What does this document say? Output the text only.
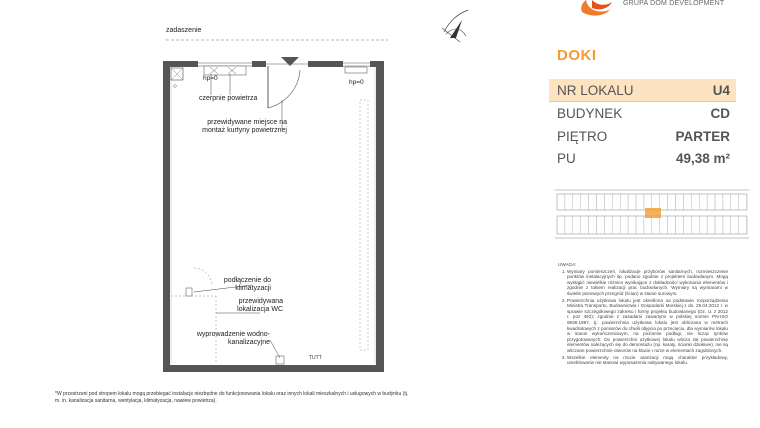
zadaszenie
hp=0
hp=0
czerpnie powietrza
przewidywane miejsce na montaż kurtyny powietrznej
podłączenie do klimatyzacji
przewidywana lokalizacja WC
wyprowadzenie wodno-kanalizacyjne
TUTT
GRUPA DOM DEVELOPMENT
DOKI
NR LOKALU	U4
BUDYNEK	CD
PIĘTRO	PARTER
PU	49,38 m²
UWAGA:
1. Wymiary pomieszczeń, lokalizacje przyborów sanitarnych, rozmieszczenie punktów instalacyjnych itp. podano zgodnie z projektem budowlanym. Mogą wystąpić niewielkie różnice wynikające z dokładności wykonania elementów i zgodnie z tokiem realizacji prac budowlanych. Wymiary są wymiarami w świetle pionowych przegród (ścian) w stanie surowym.
2. Powierzchnia użytkowa lokalu jest określona na podstawie rozporządzenia Ministra Transportu, Budownictwa i Gospodarki Morskiej z dn. 25.04.2012 r. w sprawie szczegółowego zakresu i formy projektu budowlanego (Dz. U. z 2012 r. poz 462); zgodnie z zasadami zawartymi w polskiej normie PN-ISO 9836:1997, tj.: powierzchnia użytkowa lokalu jest obliczana w metrach kwadratowych z pomiarów do chwili objęcia po przecięciu, dla wymiarów lokalu w stanie wykończeniowym, na poziomie podłogi, nie licząc tynków przygotowanych. Do powierzchni użytkowej lokalu wlicza się powierzchnię elementów należących się do demontażu (np. karaty, ścianki działowe), nie są wliczane powierzchnie otworów na klacie i rurze w elementach zagubionych.
3. Wszelkie elementy na rzucie aranżacji mają charakter przykładowy, umeblowanie nie stanowi wyposażenia nabywanego lokalu.
*W przestrzeni pod stropem lokalu mogą przebiegać instalacje niezbędne do funkcjonowania lokalu oraz innych lokali mieszkalnych i usługowych w budynku (tj. m. in. kanalizacja sanitarna, wentylacja, klimatyzacja, nawiew powietrza).
